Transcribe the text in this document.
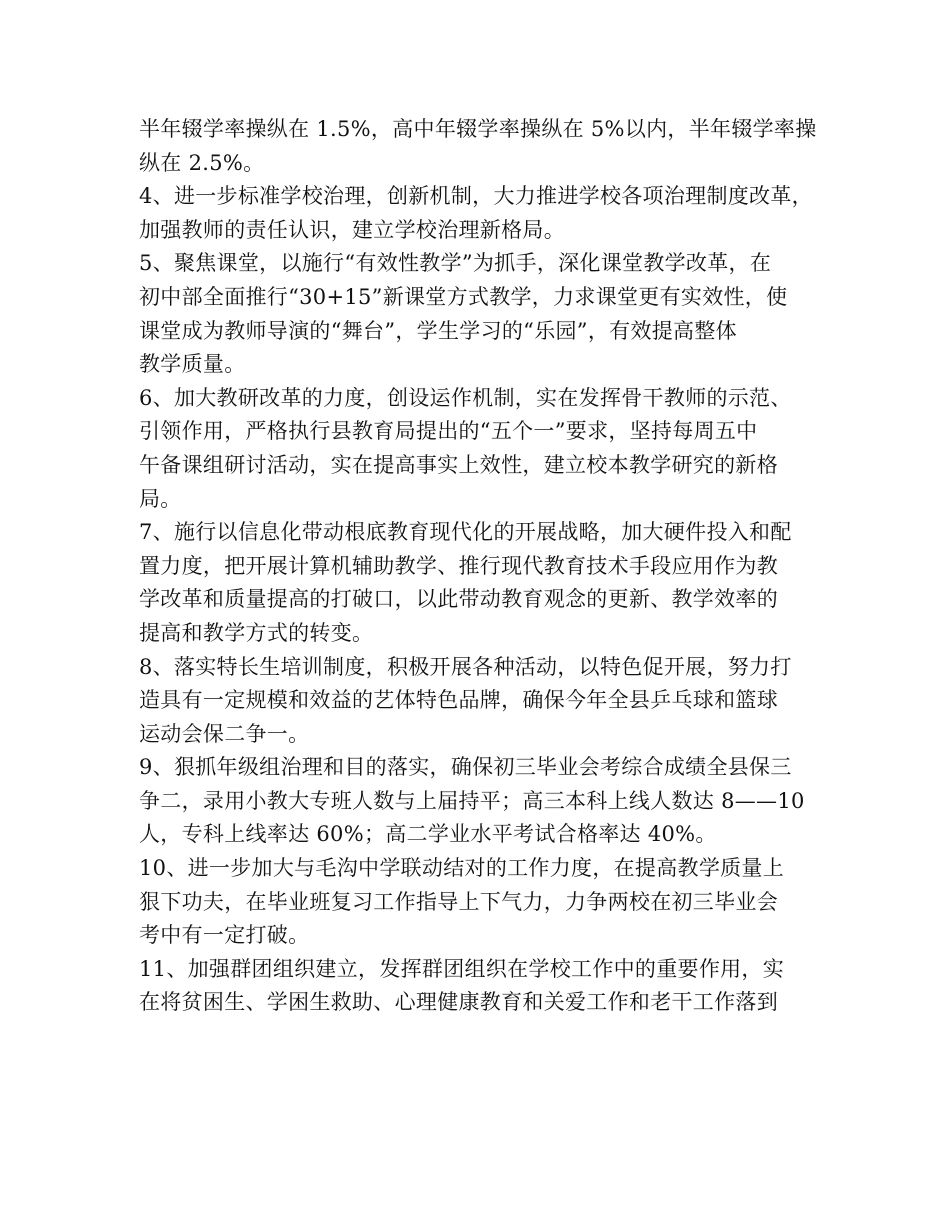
半年辍学率操纵在 1.5%，高中年辍学率操纵在 5%以内，半年辍学率操
纵在 2.5%。

4、进一步标准学校治理，创新机制，大力推进学校各项治理制度改革，
加强教师的责任认识，建立学校治理新格局。

5、聚焦课堂，以施行“有效性教学”为抓手，深化课堂教学改革，在
初中部全面推行“30+15”新课堂方式教学，力求课堂更有实效性，使
课堂成为教师导演的“舞台”，学生学习的“乐园”，有效提高整体
教学质量。

6、加大教研改革的力度，创设运作机制，实在发挥骨干教师的示范、
引领作用，严格执行县教育局提出的“五个一”要求，坚持每周五中
午备课组研讨活动，实在提高事实上效性，建立校本教学研究的新格
局。

7、施行以信息化带动根底教育现代化的开展战略，加大硬件投入和配
置力度，把开展计算机辅助教学、推行现代教育技术手段应用作为教
学改革和质量提高的打破口，以此带动教育观念的更新、教学效率的
提高和教学方式的转变。

8、落实特长生培训制度，积极开展各种活动，以特色促开展，努力打
造具有一定规模和效益的艺体特色品牌，确保今年全县乒乓球和篮球
运动会保二争一。

9、狠抓年级组治理和目的落实，确保初三毕业会考综合成绩全县保三
争二，录用小教大专班人数与上届持平；高三本科上线人数达 8——10
人，专科上线率达 60%；高二学业水平考试合格率达 40%。

10、进一步加大与毛沟中学联动结对的工作力度，在提高教学质量上
狠下功夫，在毕业班复习工作指导上下气力，力争两校在初三毕业会
考中有一定打破。

11、加强群团组织建立，发挥群团组织在学校工作中的重要作用，实
在将贫困生、学困生救助、心理健康教育和关爱工作和老干工作落到
